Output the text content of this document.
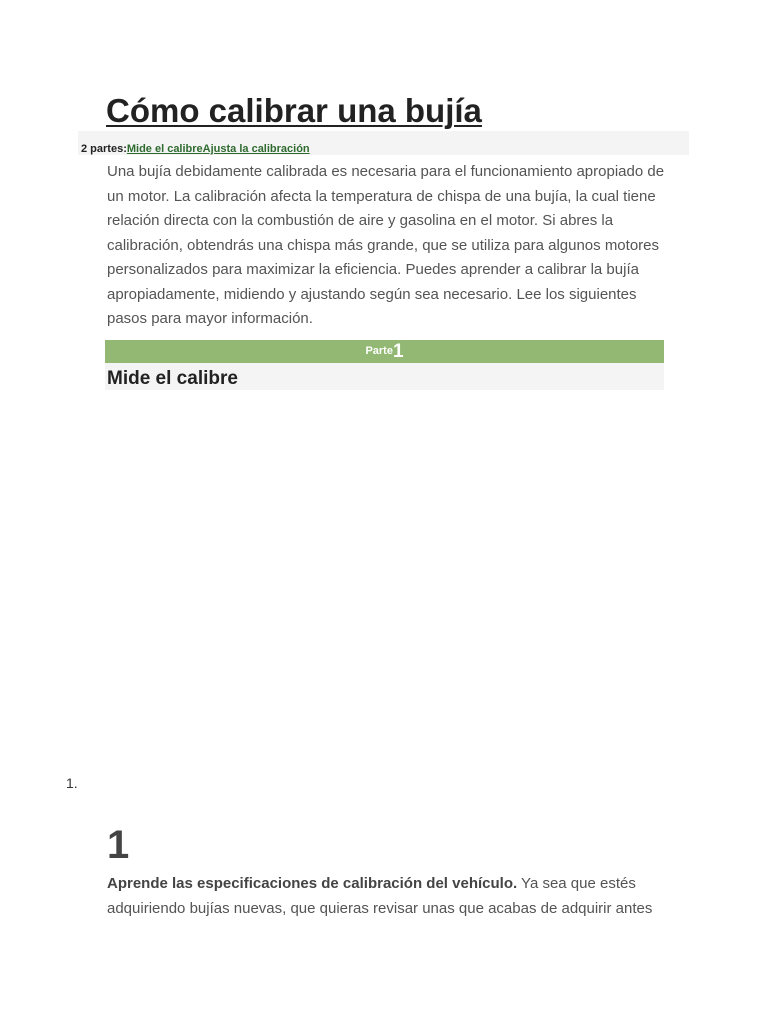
Cómo calibrar una bujía
2 partes:Mide el calibreAjusta la calibración

Una bujía debidamente calibrada es necesaria para el funcionamiento apropiado de un motor. La calibración afecta la temperatura de chispa de una bujía, la cual tiene relación directa con la combustión de aire y gasolina en el motor. Si abres la calibración, obtendrás una chispa más grande, que se utiliza para algunos motores personalizados para maximizar la eficiencia. Puedes aprender a calibrar la bujía apropiadamente, midiendo y ajustando según sea necesario. Lee los siguientes pasos para mayor información.

Parte1
Mide el calibre
1.
1

Aprende las especificaciones de calibración del vehículo. Ya sea que estés adquiriendo bujías nuevas, que quieras revisar unas que acabas de adquirir antes
